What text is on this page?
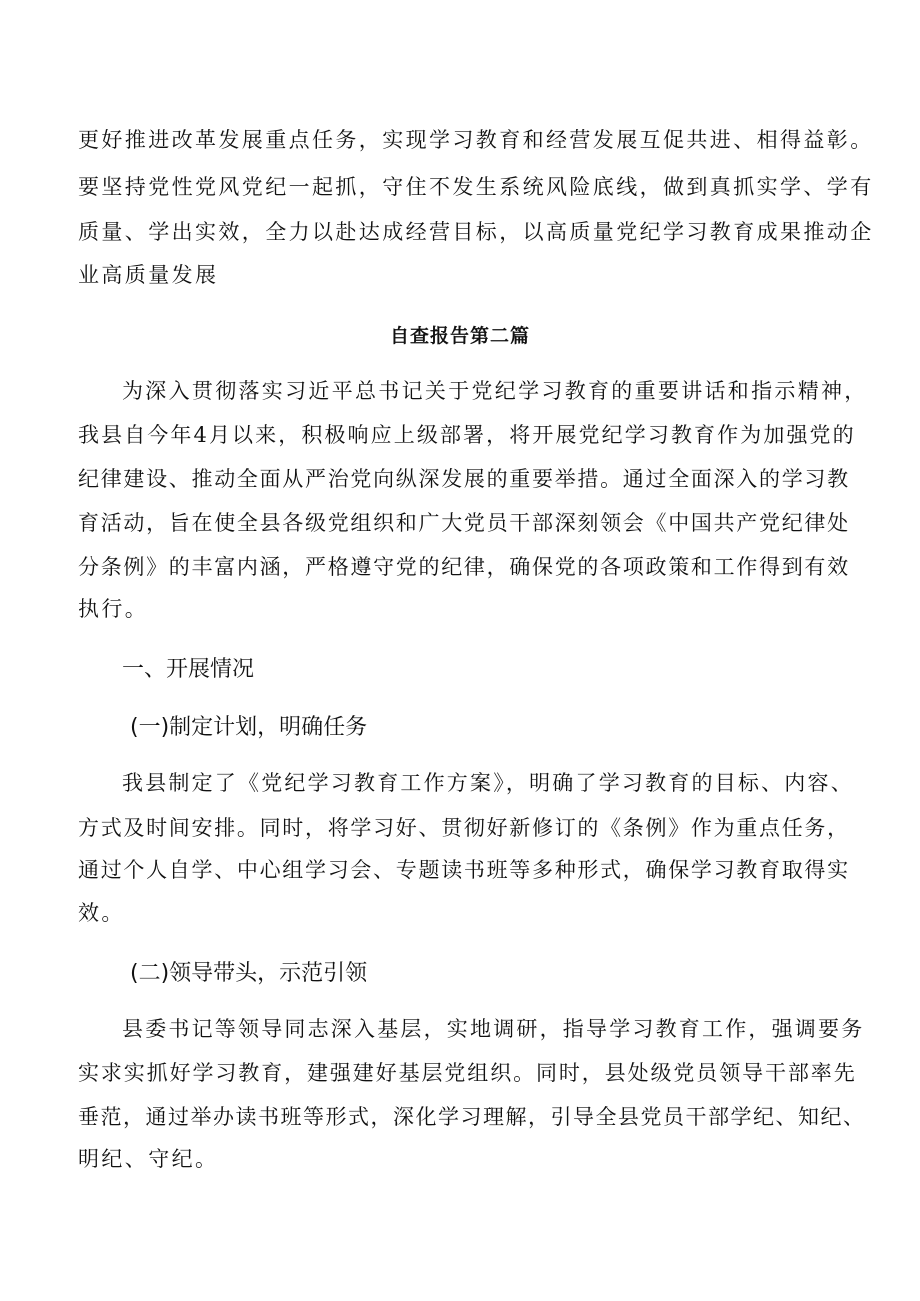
更好推进改革发展重点任务，实现学习教育和经营发展互促共进、相得益彰。
要坚持党性党风党纪一起抓，守住不发生系统风险底线，做到真抓实学、学有
质量、学出实效，全力以赴达成经营目标，以高质量党纪学习教育成果推动企
业高质量发展
自查报告第二篇
为深入贯彻落实习近平总书记关于党纪学习教育的重要讲话和指示精神，
我县自今年4月以来，积极响应上级部署，将开展党纪学习教育作为加强党的
纪律建设、推动全面从严治党向纵深发展的重要举措。通过全面深入的学习教
育活动，旨在使全县各级党组织和广大党员干部深刻领会《中国共产党纪律处
分条例》的丰富内涵，严格遵守党的纪律，确保党的各项政策和工作得到有效
执行。
一、开展情况
(一)制定计划，明确任务
我县制定了《党纪学习教育工作方案》，明确了学习教育的目标、内容、
方式及时间安排。同时，将学习好、贯彻好新修订的《条例》作为重点任务，
通过个人自学、中心组学习会、专题读书班等多种形式，确保学习教育取得实
效。
(二)领导带头，示范引领
县委书记等领导同志深入基层，实地调研，指导学习教育工作，强调要务
实求实抓好学习教育，建强建好基层党组织。同时，县处级党员领导干部率先
垂范，通过举办读书班等形式，深化学习理解，引导全县党员干部学纪、知纪、
明纪、守纪。
